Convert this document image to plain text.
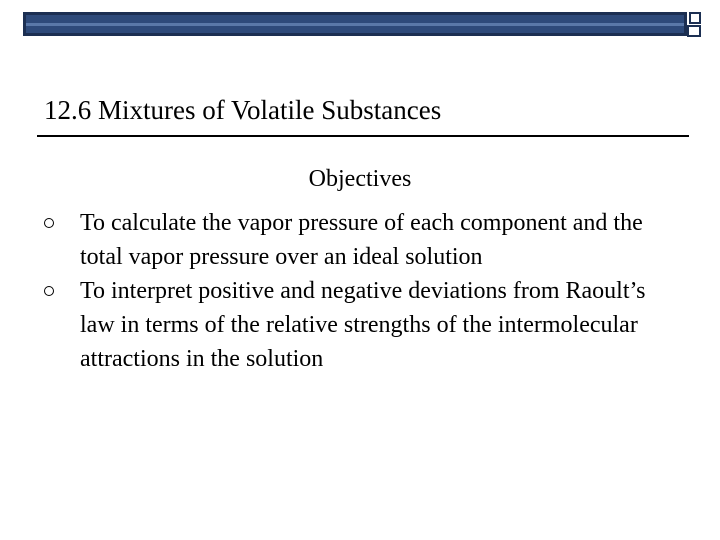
12.6 Mixtures of Volatile Substances
Objectives
To calculate the vapor pressure of each component and the total vapor pressure over an ideal solution
To interpret positive and negative deviations from Raoult’s law in terms of the relative strengths of the intermolecular attractions in the solution
